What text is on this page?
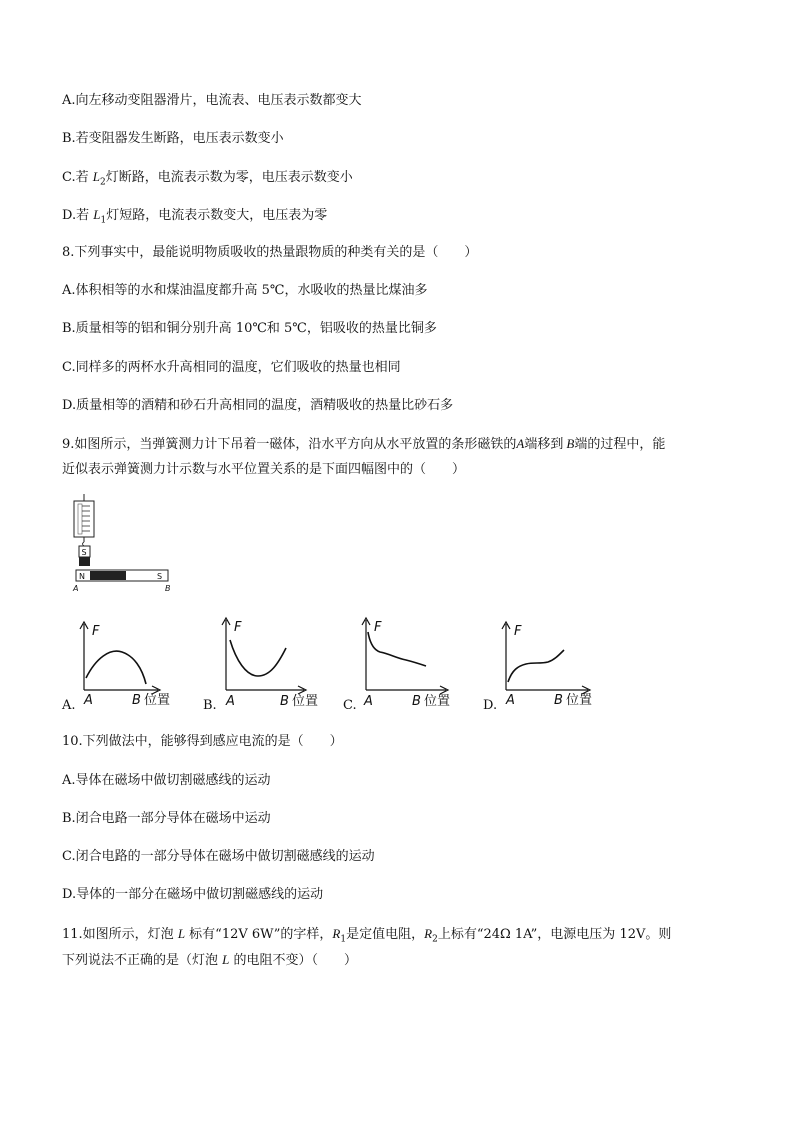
A.向左移动变阻器滑片，电流表、电压表示数都变大
B.若变阻器发生断路，电压表示数变小
C.若 $L_2$灯断路，电流表示数为零，电压表示数变小
D.若 $L_1$灯短路，电流表示数变大，电压表为零
8.下列事实中，最能说明物质吸收的热量跟物质的种类有关的是（　　）
A.体积相等的水和煤油温度都升高 5℃，水吸收的热量比煤油多
B.质量相等的铝和铜分别升高 10℃和 5℃，铝吸收的热量比铜多
C.同样多的两杯水升高相同的温度，它们吸收的热量也相同
D.质量相等的酒精和砂石升高相同的温度，酒精吸收的热量比砂石多
9.如图所示，当弹簧测力计下吊着一磁体，沿水平方向从水平放置的条形磁铁的A端移到 B端的过程中，能
近似表示弹簧测力计示数与水平位置关系的是下面四幅图中的（　　）
S
N	S
A	B
A.
F
A	B 位置	B.
F
A	B 位置 C.
F
A	B 位置	D.
F
A	B 位置
10.下列做法中，能够得到感应电流的是（　　）
A.导体在磁场中做切割磁感线的运动
B.闭合电路一部分导体在磁场中运动
C.闭合电路的一部分导体在磁场中做切割磁感线的运动
D.导体的一部分在磁场中做切割磁感线的运动
11.如图所示，灯泡 L 标有“12V 6W”的字样，$R_1$是定值电阻，$R_2$上标有“24Ω 1A”，电源电压为 12V。则
下列说法不正确的是（灯泡 L 的电阻不变）（　　）
